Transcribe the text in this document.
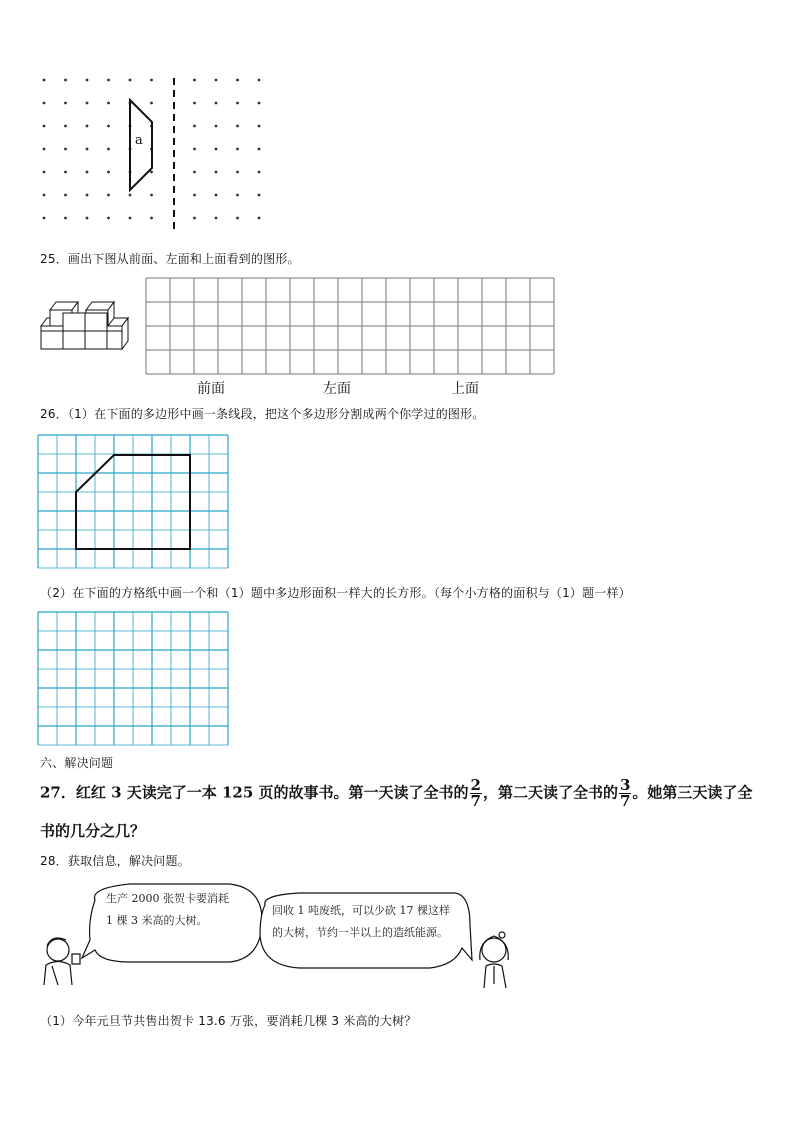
a
25．画出下图从前面、左面和上面看到的图形。
前面	左面	上面
26．（1）在下面的多边形中画一条线段，把这个多边形分割成两个你学过的图形。
（2）在下面的方格纸中画一个和（1）题中多边形面积一样大的长方形。（每个小方格的面积与（1）题一样）
六、解决问题
27．红红 3 天读完了一本 125 页的故事书。第一天读了全书的 $\frac{2}{7}$ ，第二天读了全书的 $\frac{3}{7}$ 。她第三天读了全
书的几分之几？
28．获取信息，解决问题。
生产 2000 张贺卡要消耗
1 棵 3 米高的大树。
回收 1 吨废纸，可以少砍 17 棵这样
的大树，节约一半以上的造纸能源。
（1）今年元旦节共售出贺卡 13.6 万张，要消耗几棵 3 米高的大树？
